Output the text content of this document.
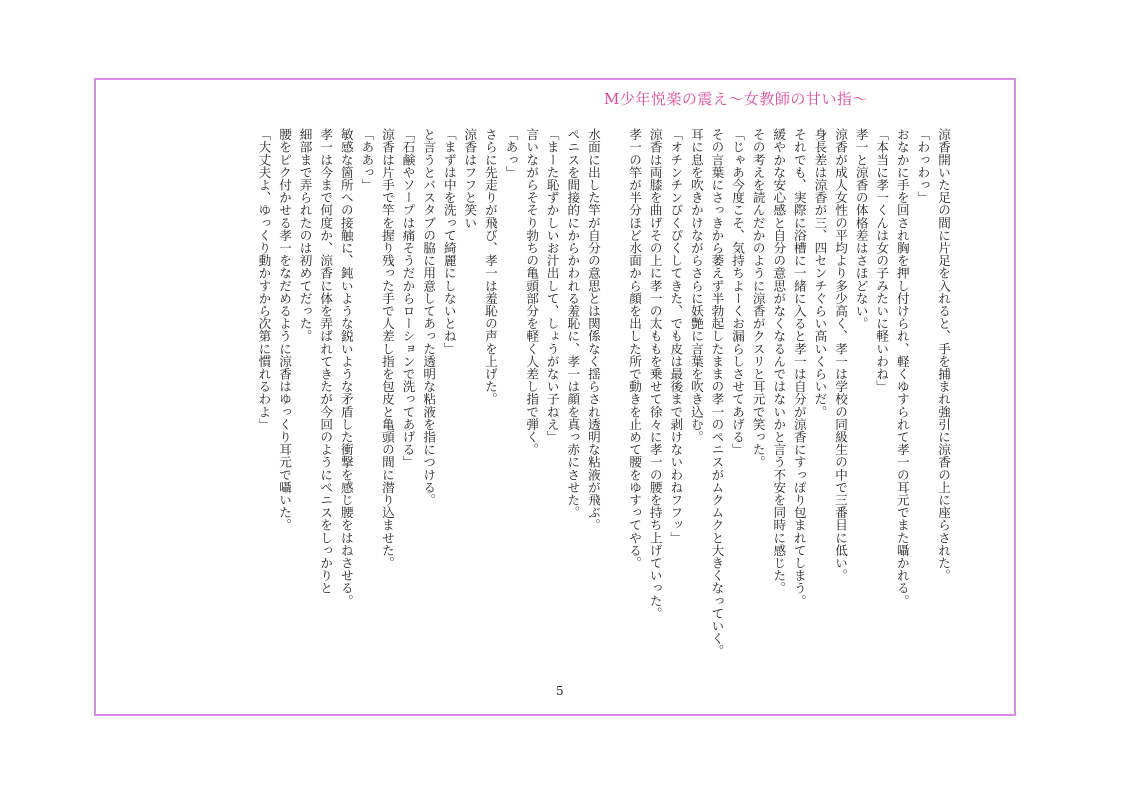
M少年悦楽の震え〜女教師の甘い指〜

涼香開いた足の間に片足を入れると、手を捕まれ強引に涼香の上に座らされた。

「わっわっ」

おなかに手を回され胸を押し付けられ、軽くゆすられて孝一の耳元でまた囁かれる。

「本当に孝一くんは女の子みたいに軽いわね」

孝一と涼香の体格差はさほどない。

涼香が成人女性の平均より多少高く、孝一は学校の同級生の中で三番目に低い。

身長差は涼香が三、四センチぐらい高いくらいだ。

それでも、実際に浴槽に一緒に入ると孝一は自分が涼香にすっぽり包まれてしまう。

緩やかな安心感と自分の意思がなくなるんではないかと言う不安を同時に感じた。

その考えを読んだかのように涼香がクスリと耳元で笑った。

「じゃあ今度こそ、気持ちよーくお漏らしさせてあげる」

その言葉にさっきから萎えず半勃起したままの孝一のペニスがムクムクと大きくなっていく。

耳に息を吹きかけながらさらに妖艶に言葉を吹き込む。

「オチンチンぴくぴくしてきた、でも皮は最後まで剥けないわねフフッ」

涼香は両膝を曲げその上に孝一の太ももを乗せて徐々に孝一の腰を持ち上げていった。

孝一の竿が半分ほど水面から顔を出した所で動きを止めて腰をゆすってやる。

水面に出した竿が自分の意思とは関係なく揺らされ透明な粘液が飛ぶ。

ペニスを間接的にからかわれる羞恥に、孝一は顔を真っ赤にさせた。

「まーた恥ずかしいお汁出して、しょうがない子ねえ」

言いながらそそり勃ちの亀頭部分を軽く人差し指で弾く。

「あっ」

さらに先走りが飛び、孝一は羞恥の声を上げた。

涼香はフフと笑い

「まずは中を洗って綺麗にしないとね」

と言うとバスタブの脇に用意してあった透明な粘液を指につける。

「石鹸やソープは痛そうだからローションで洗ってあげる」

涼香は片手で竿を握り残った手で人差し指を包皮と亀頭の間に潜り込ませた。

「ああっ」

敏感な箇所への接触に、鈍いような鋭いような矛盾した衝撃を感じ腰をはねさせる。

孝一は今まで何度か、涼香に体を弄ばれてきたが今回のようにペニスをしっかりと

細部まで弄られたのは初めてだった。

腰をピク付かせる孝一をなだめるように涼香はゆっくり耳元で囁いた。

「大丈夫よ、ゆっくり動かすから次第に慣れるわよ」

5
